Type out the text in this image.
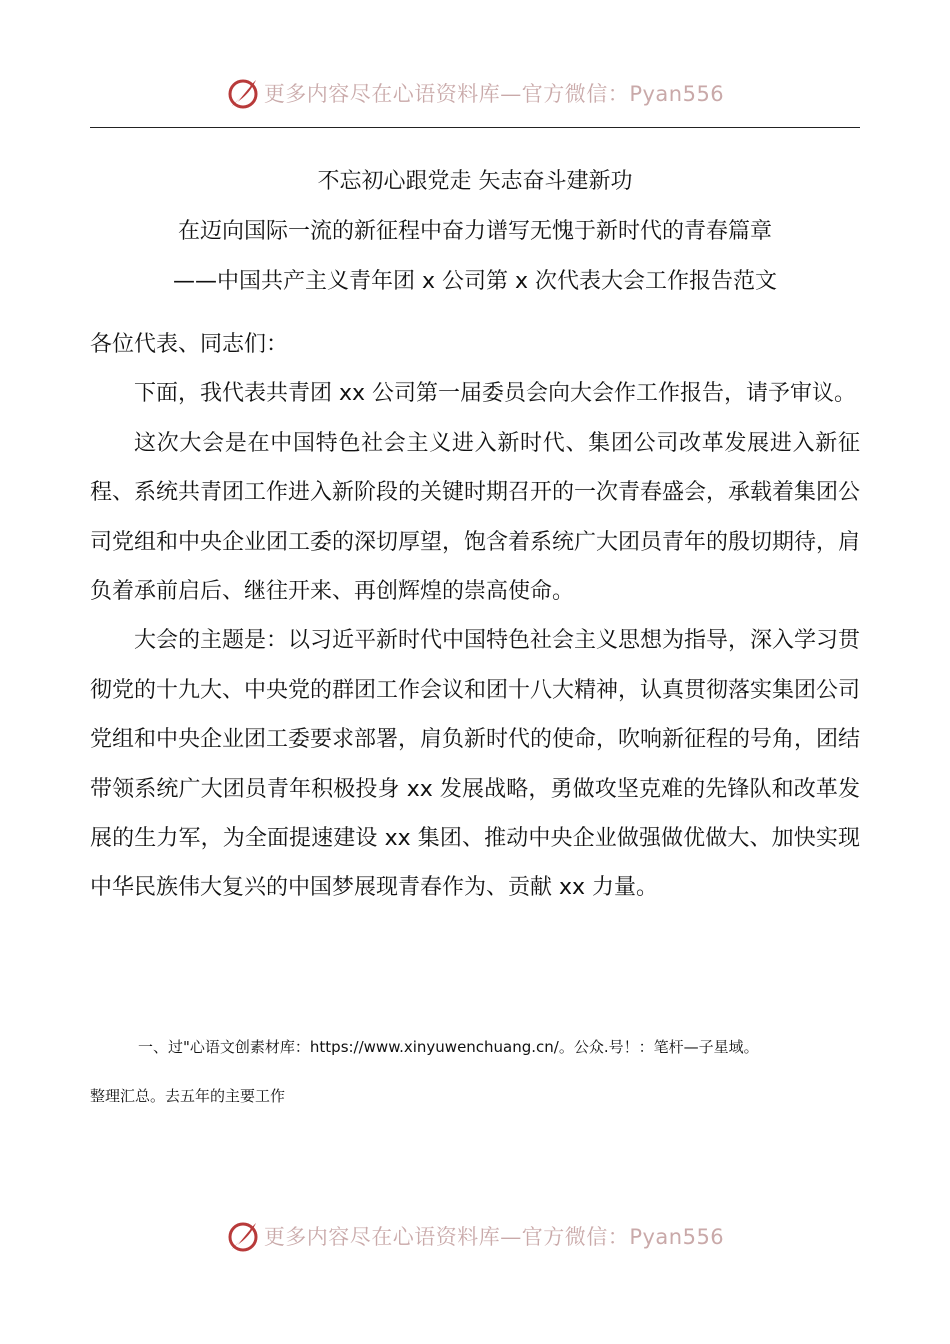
更多内容尽在心语资料库—官方微信：Pyan556
不忘初心跟党走 矢志奋斗建新功
在迈向国际一流的新征程中奋力谱写无愧于新时代的青春篇章
——中国共产主义青年团 x 公司第 x 次代表大会工作报告范文

各位代表、同志们：

下面，我代表共青团 xx 公司第一届委员会向大会作工作报告，请予审议。

这次大会是在中国特色社会主义进入新时代、集团公司改革发展进入新征程、系统共青团工作进入新阶段的关键时期召开的一次青春盛会，承载着集团公司党组和中央企业团工委的深切厚望，饱含着系统广大团员青年的殷切期待，肩负着承前启后、继往开来、再创辉煌的崇高使命。

大会的主题是：以习近平新时代中国特色社会主义思想为指导，深入学习贯彻党的十九大、中央党的群团工作会议和团十八大精神，认真贯彻落实集团公司党组和中央企业团工委要求部署，肩负新时代的使命，吹响新征程的号角，团结带领系统广大团员青年积极投身 xx 发展战略，勇做攻坚克难的先锋队和改革发展的生力军，为全面提速建设 xx 集团、推动中央企业做强做优做大、加快实现中华民族伟大复兴的中国梦展现青春作为、贡献 xx 力量。

一、过"心语文创素材库：https://www.xinyuwenchuang.cn/。公众.号！：笔杆—子星域。

整理汇总。去五年的主要工作

更多内容尽在心语资料库—官方微信：Pyan556
